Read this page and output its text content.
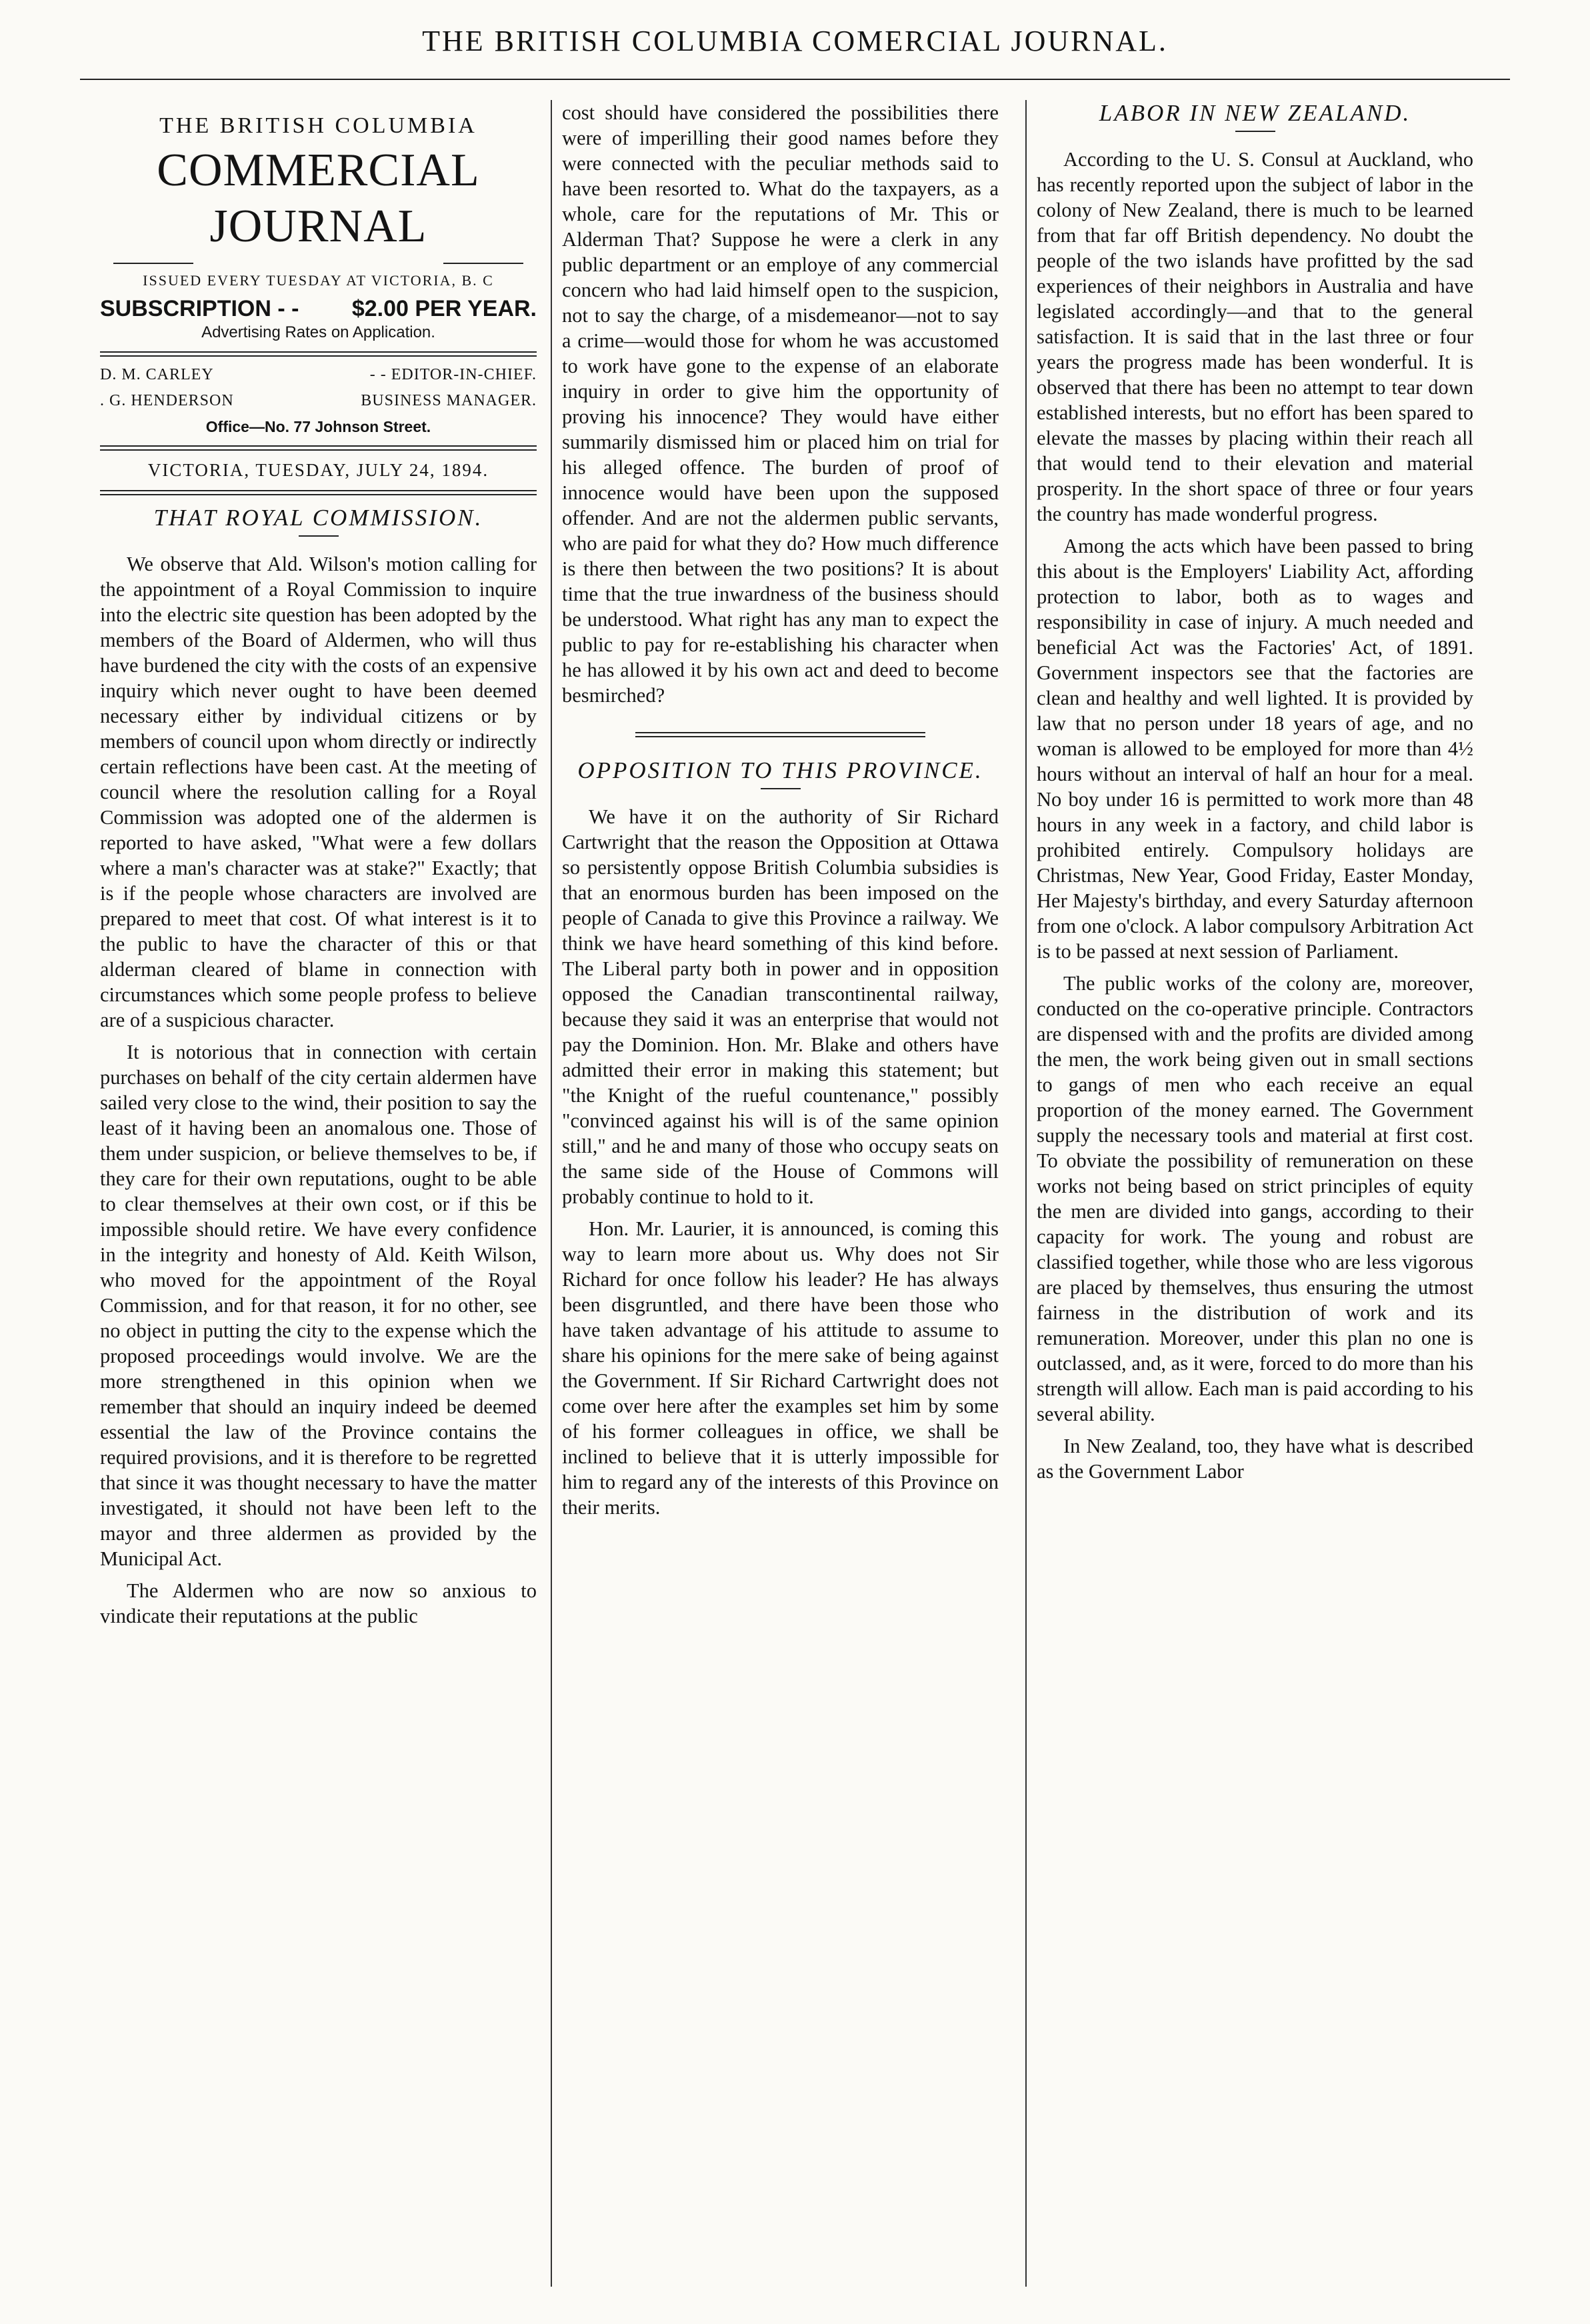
THE BRITISH COLUMBIA COMERCIAL JOURNAL.
THE BRITISH COLUMBIA
COMMERCIAL JOURNAL
ISSUED EVERY TUESDAY AT VICTORIA, B. C
SUBSCRIPTION - - $2.00 PER YEAR.
Advertising Rates on Application.
D. M. CARLEY	- - EDITOR-IN-CHIEF.
. G. HENDERSON	BUSINESS MANAGER.
Office—No. 77 Johnson Street.
VICTORIA, TUESDAY, JULY 24, 1894.
THAT ROYAL COMMISSION.

We observe that Ald. Wilson's motion calling for the appointment of a Royal Commission to inquire into the electric site question has been adopted by the members of the Board of Aldermen, who will thus have burdened the city with the costs of an expensive inquiry which never ought to have been deemed necessary either by individual citizens or by members of council upon whom directly or indirectly certain reflections have been cast. At the meeting of council where the resolution calling for a Royal Commission was adopted one of the aldermen is reported to have asked, "What were a few dollars where a man's character was at stake?" Exactly; that is if the people whose characters are involved are prepared to meet that cost. Of what interest is it to the public to have the character of this or that alderman cleared of blame in connection with circumstances which some people profess to believe are of a suspicious character.

It is notorious that in connection with certain purchases on behalf of the city certain aldermen have sailed very close to the wind, their position to say the least of it having been an anomalous one. Those of them under suspicion, or believe themselves to be, if they care for their own reputations, ought to be able to clear themselves at their own cost, or if this be impossible should retire. We have every confidence in the integrity and honesty of Ald. Keith Wilson, who moved for the appointment of the Royal Commission, and for that reason, it for no other, see no object in putting the city to the expense which the proposed proceedings would involve. We are the more strengthened in this opinion when we remember that should an inquiry indeed be deemed essential the law of the Province contains the required provisions, and it is therefore to be regretted that since it was thought necessary to have the matter investigated, it should not have been left to the mayor and three aldermen as provided by the Municipal Act.

The Aldermen who are now so anxious to vindicate their reputations at the public

cost should have considered the possibilities there were of imperilling their good names before they were connected with the peculiar methods said to have been resorted to. What do the taxpayers, as a whole, care for the reputations of Mr. This or Alderman That? Suppose he were a clerk in any public department or an employe of any commercial concern who had laid himself open to the suspicion, not to say the charge, of a misdemeanor—not to say a crime—would those for whom he was accustomed to work have gone to the expense of an elaborate inquiry in order to give him the opportunity of proving his innocence? They would have either summarily dismissed him or placed him on trial for his alleged offence. The burden of proof of innocence would have been upon the supposed offender. And are not the aldermen public servants, who are paid for what they do? How much difference is there then between the two positions? It is about time that the true inwardness of the business should be understood. What right has any man to expect the public to pay for re-establishing his character when he has allowed it by his own act and deed to become besmirched?

OPPOSITION TO THIS PROVINCE.

We have it on the authority of Sir Richard Cartwright that the reason the Opposition at Ottawa so persistently oppose British Columbia subsidies is that an enormous burden has been imposed on the people of Canada to give this Province a railway. We think we have heard something of this kind before. The Liberal party both in power and in opposition opposed the Canadian transcontinental railway, because they said it was an enterprise that would not pay the Dominion. Hon. Mr. Blake and others have admitted their error in making this statement; but "the Knight of the rueful countenance," possibly "convinced against his will is of the same opinion still," and he and many of those who occupy seats on the same side of the House of Commons will probably continue to hold to it.

Hon. Mr. Laurier, it is announced, is coming this way to learn more about us. Why does not Sir Richard for once follow his leader? He has always been disgruntled, and there have been those who have taken advantage of his attitude to assume to share his opinions for the mere sake of being against the Government. If Sir Richard Cartwright does not come over here after the examples set him by some of his former colleagues in office, we shall be inclined to believe that it is utterly impossible for him to regard any of the interests of this Province on their merits.

LABOR IN NEW ZEALAND.

According to the U. S. Consul at Auckland, who has recently reported upon the subject of labor in the colony of New Zealand, there is much to be learned from that far off British dependency. No doubt the people of the two islands have profitted by the sad experiences of their neighbors in Australia and have legislated accordingly—and that to the general satisfaction. It is said that in the last three or four years the progress made has been wonderful. It is observed that there has been no attempt to tear down established interests, but no effort has been spared to elevate the masses by placing within their reach all that would tend to their elevation and material prosperity. In the short space of three or four years the country has made wonderful progress.

Among the acts which have been passed to bring this about is the Employers' Liability Act, affording protection to labor, both as to wages and responsibility in case of injury. A much needed and beneficial Act was the Factories' Act, of 1891. Government inspectors see that the factories are clean and healthy and well lighted. It is provided by law that no person under 18 years of age, and no woman is allowed to be employed for more than 4½ hours without an interval of half an hour for a meal. No boy under 16 is permitted to work more than 48 hours in any week in a factory, and child labor is prohibited entirely. Compulsory holidays are Christmas, New Year, Good Friday, Easter Monday, Her Majesty's birthday, and every Saturday afternoon from one o'clock. A labor compulsory Arbitration Act is to be passed at next session of Parliament.

The public works of the colony are, moreover, conducted on the co-operative principle. Contractors are dispensed with and the profits are divided among the men, the work being given out in small sections to gangs of men who each receive an equal proportion of the money earned. The Government supply the necessary tools and material at first cost. To obviate the possibility of remuneration on these works not being based on strict principles of equity the men are divided into gangs, according to their capacity for work. The young and robust are classified together, while those who are less vigorous are placed by themselves, thus ensuring the utmost fairness in the distribution of work and its remuneration. Moreover, under this plan no one is outclassed, and, as it were, forced to do more than his strength will allow. Each man is paid according to his several ability.

In New Zealand, too, they have what is described as the Government Labor
